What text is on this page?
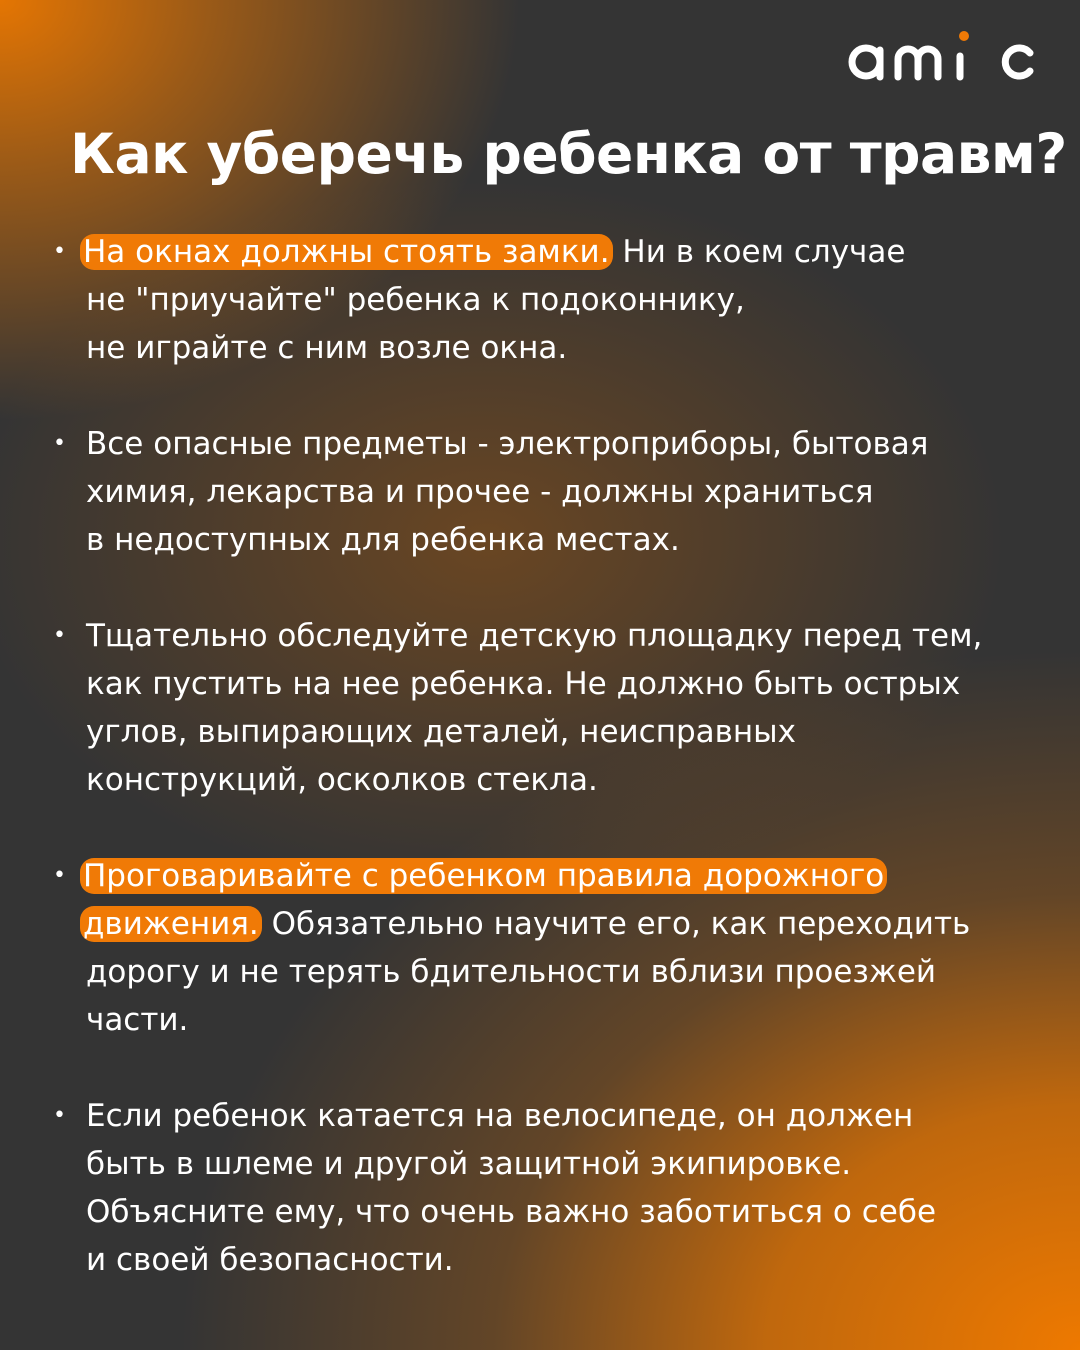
Как уберечь ребенка от травм?
• На окнах должны стоять замки. Ни в коем случае
не "приучайте" ребенка к подоконнику,
не играйте с ним возле окна.
• Все опасные предметы - электроприборы, бытовая
химия, лекарства и прочее - должны храниться
в недоступных для ребенка местах.
• Тщательно обследуйте детскую площадку перед тем,
как пустить на нее ребенка. Не должно быть острых
углов, выпирающих деталей, неисправных
конструкций, осколков стекла.
• Проговаривайте с ребенком правила дорожного
движения. Обязательно научите его, как переходить
дорогу и не терять бдительности вблизи проезжей
части.
• Если ребенок катается на велосипеде, он должен
быть в шлеме и другой защитной экипировке.
Объясните ему, что очень важно заботиться о себе
и своей безопасности.
